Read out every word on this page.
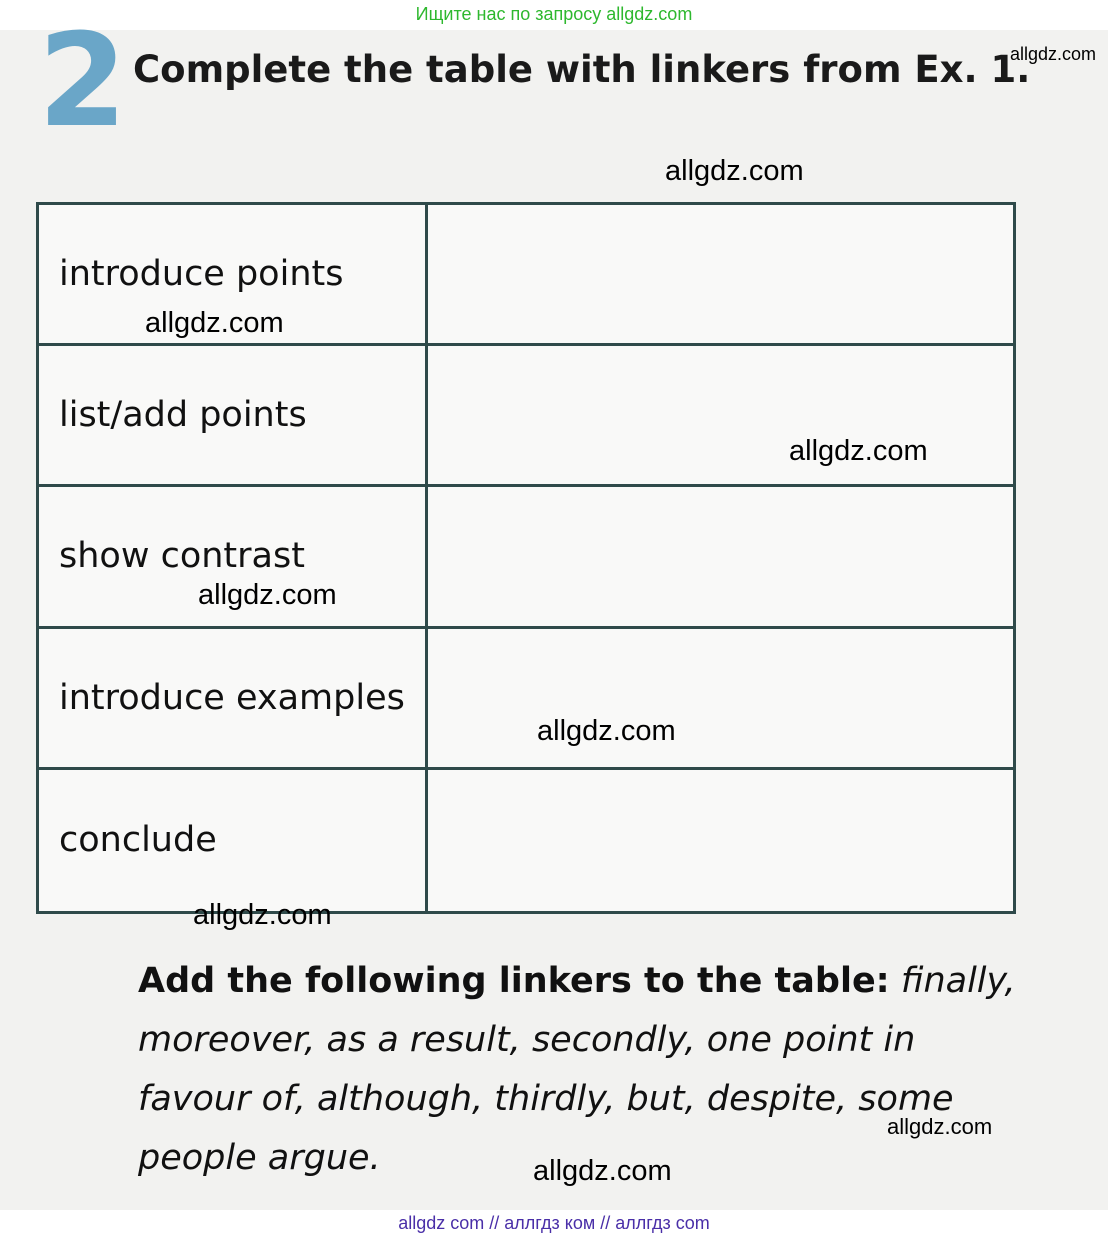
Ищите нас по запросу allgdz.com

2 Complete the table with linkers from Ex. 1.
introduce points
list/add points
show contrast
introduce examples
conclude
Add the following linkers to the table: finally, moreover, as a result, secondly, one point in favour of, although, thirdly, but, despite, some people argue.
allgdz.com
allgdz.com
allgdz.com
allgdz.com
allgdz.com
allgdz.com
allgdz.com
allgdz.com
allgdz.com
allgdz com // аллгдз ком // аллгдз com
